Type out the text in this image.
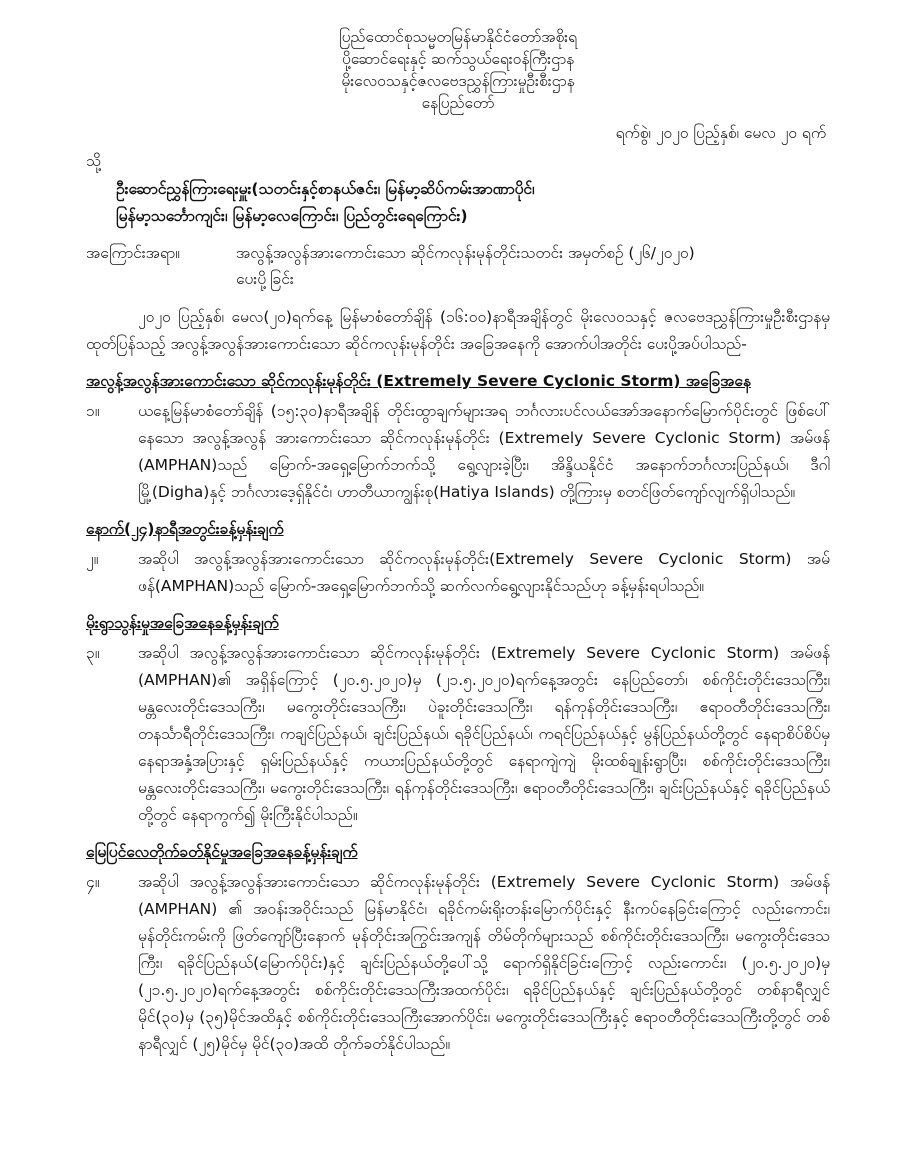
ပြည်ထောင်စုသမ္မတမြန်မာနိုင်ငံတော်အစိုးရ
ပို့ဆောင်ရေးနှင့် ဆက်သွယ်ရေးဝန်ကြီးဌာန
မိုးလေဝသနှင့်ဇလဗေဒညွှန်ကြားမှုဦးစီးဌာန
နေပြည်တော်
ရက်စွဲ၊ ၂၀၂၀ ပြည့်နှစ်၊ မေလ ၂၀ ရက်
သို့
ဦးဆောင်ညွှန်ကြားရေးမှူး(သတင်းနှင့်စာနယ်ဇင်း၊ မြန်မာ့ဆိပ်ကမ်းအာဏာပိုင်၊
မြန်မာ့သင်္ဘောကျင်း၊ မြန်မာ့လေကြောင်း၊ ပြည်တွင်းရေကြောင်း)
အကြောင်းအရာ။	အလွန့်အလွန်အားကောင်းသော ဆိုင်ကလုန်းမုန်တိုင်းသတင်း အမှတ်စဉ် (၂၆/၂၀၂၀)
ပေးပို့ခြင်း

၂၀၂၀ ပြည့်နှစ်၊ မေလ(၂၀)ရက်နေ့ မြန်မာစံတော်ချိန် (၁၆:၀၀)နာရီအချိန်တွင် မိုးလေဝသနှင့် ဇလဗေဒညွှန်ကြားမှုဦးစီးဌာနမှ ထုတ်ပြန်သည့် အလွန့်အလွန်အားကောင်းသော ဆိုင်ကလုန်းမုန်တိုင်း အခြေအနေကို အောက်ပါအတိုင်း ပေးပို့အပ်ပါသည်-

အလွန့်အလွန်အားကောင်းသော ဆိုင်ကလုန်းမုန်တိုင်း (Extremely Severe Cyclonic Storm) အခြေအနေ
၁။	ယနေ့မြန်မာစံတော်ချိန် (၁၅:၃၀)နာရီအချိန် တိုင်းထွာချက်များအရ ဘင်္ဂလားပင်လယ်အော်အနောက်မြောက်ပိုင်းတွင် ဖြစ်ပေါ်နေသော အလွန့်အလွန် အားကောင်းသော ဆိုင်ကလုန်းမုန်တိုင်း (Extremely Severe Cyclonic Storm) အမ်ဖန် (AMPHAN)သည် မြောက်-အရှေ့မြောက်ဘက်သို့ ရွေ့လျားခဲ့ပြီး၊ အိန္ဒိယနိုင်ငံ အနောက်ဘင်္ဂလားပြည်နယ်၊ ဒီဂါမြို့(Digha)နှင့် ဘင်္ဂလားဒေ့ရှ်နိုင်ငံ၊ ဟာတီယာကျွန်းစု(Hatiya Islands) တို့ကြားမှ စတင်ဖြတ်ကျော်လျက်ရှိပါသည်။

နောက်(၂၄)နာရီအတွင်းခန့်မှန်းချက်
၂။	အဆိုပါ အလွန့်အလွန်အားကောင်းသော ဆိုင်ကလုန်းမုန်တိုင်း(Extremely Severe Cyclonic Storm) အမ်ဖန်(AMPHAN)သည် မြောက်-အရှေ့မြောက်ဘက်သို့ ဆက်လက်ရွေ့လျားနိုင်သည်ဟု ခန့်မှန်းရပါသည်။

မိုးရွာသွန်းမှုအခြေအနေခန့်မှန်းချက်
၃။	အဆိုပါ အလွန့်အလွန်အားကောင်းသော ဆိုင်ကလုန်းမုန်တိုင်း (Extremely Severe Cyclonic Storm) အမ်ဖန် (AMPHAN)၏ အရှိန်ကြောင့် (၂၀.၅.၂၀၂၀)မှ (၂၁.၅.၂၀၂၀)ရက်နေ့အတွင်း နေပြည်တော်၊ စစ်ကိုင်းတိုင်းဒေသကြီး၊ မန္တလေးတိုင်းဒေသကြီး၊ မကွေးတိုင်းဒေသကြီး၊ ပဲခူးတိုင်းဒေသကြီး၊ ရန်ကုန်တိုင်းဒေသကြီး၊ ဧရာဝတီတိုင်းဒေသကြီး၊ တနင်္သာရီတိုင်းဒေသကြီး၊ ကချင်ပြည်နယ်၊ ချင်းပြည်နယ်၊ ရခိုင်ပြည်နယ်၊ ကရင်ပြည်နယ်နှင့် မွန်ပြည်နယ်တို့တွင် နေရာစိပ်စိပ်မှ နေရာအနှံ့အပြားနှင့် ရှမ်းပြည်နယ်နှင့် ကယားပြည်နယ်တို့တွင် နေရာကျဲကျဲ မိုးထစ်ချုန်းရွာပြီး၊ စစ်ကိုင်းတိုင်းဒေသကြီး၊ မန္တလေးတိုင်းဒေသကြီး၊ မကွေးတိုင်းဒေသကြီး၊ ရန်ကုန်တိုင်းဒေသကြီး၊ ဧရာဝတီတိုင်းဒေသကြီး၊ ချင်းပြည်နယ်နှင့် ရခိုင်ပြည်နယ်တို့တွင် နေရာကွက်၍ မိုးကြီးနိုင်ပါသည်။

မြေပြင်လေတိုက်ခတ်နိုင်မှုအခြေအနေခန့်မှန်းချက်
၄။	အဆိုပါ အလွန့်အလွန်အားကောင်းသော ဆိုင်ကလုန်းမုန်တိုင်း (Extremely Severe Cyclonic Storm) အမ်ဖန် (AMPHAN) ၏ အဝန်းအဝိုင်းသည် မြန်မာနိုင်ငံ၊ ရခိုင်ကမ်းရိုးတန်းမြောက်ပိုင်းနှင့် နီးကပ်နေခြင်းကြောင့် လည်းကောင်း၊ မုန်တိုင်းကမ်းကို ဖြတ်ကျော်ပြီးနောက် မုန်တိုင်းအကြွင်းအကျန် တိမ်တိုက်များသည် စစ်ကိုင်းတိုင်းဒေသကြီး၊ မကွေးတိုင်းဒေသကြီး၊ ရခိုင်ပြည်နယ်(မြောက်ပိုင်း)နှင့် ချင်းပြည်နယ်တို့ပေါ်သို့ ရောက်ရှိနိုင်ခြင်းကြောင့် လည်းကောင်း၊ (၂၀.၅.၂၀၂၀)မှ (၂၁.၅.၂၀၂၀)ရက်နေ့အတွင်း စစ်ကိုင်းတိုင်းဒေသကြီးအထက်ပိုင်း၊ ရခိုင်ပြည်နယ်နှင့် ချင်းပြည်နယ်တို့တွင် တစ်နာရီလျှင် မိုင်(၃၀)မှ (၃၅)မိုင်အထိနှင့် စစ်ကိုင်းတိုင်းဒေသကြီးအောက်ပိုင်း၊ မကွေးတိုင်းဒေသကြီးနှင့် ဧရာဝတီတိုင်းဒေသကြီးတို့တွင် တစ်နာရီလျှင် (၂၅)မိုင်မှ မိုင်(၃၀)အထိ တိုက်ခတ်နိုင်ပါသည်။
